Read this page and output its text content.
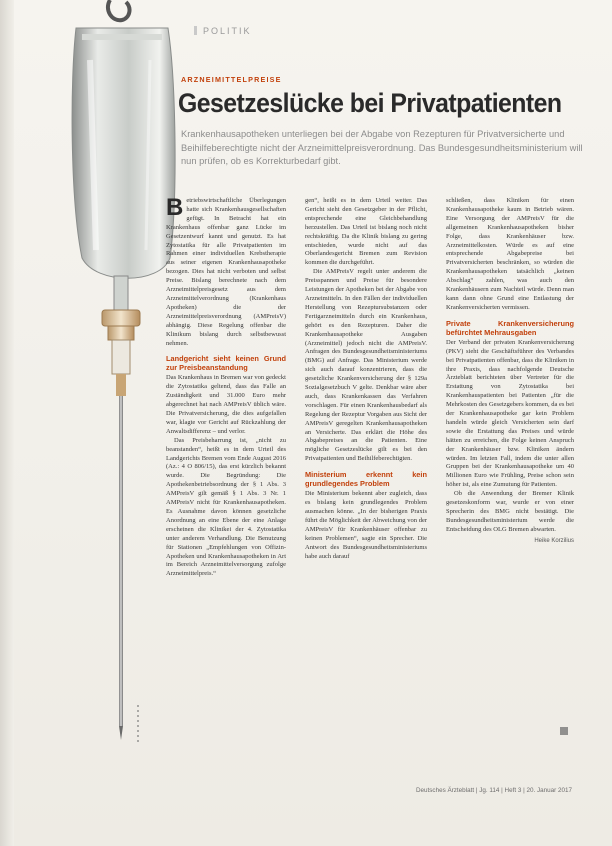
POLITIK
ARZNEIMITTELPREISE
Gesetzeslücke bei Privatpatienten
Krankenhausapotheken unterliegen bei der Abgabe von Rezepturen für Privatversicherte und Beihilfeberechtigte nicht der Arzneimittelpreisverordnung. Das Bundesgesundheitsministerium will nun prüfen, ob es Korrekturbedarf gibt.

Betriebswirtschaftliche Überlegungen hatte sich Krankenhausgesellschaften gefügt. In Betracht hat ein Krankenhaus offenbar ganz Lücke im Gesetzentwurf kannt und genutzt. Es hat Zytostatika für alle Privatpatienten im Rahmen einer individuellen Krebstherapie aus seiner eigenen Krankenhausapotheke bezogen. Dies hat nicht verboten und selbst Preise. Bislang berechnete nach dem Arzneimittelpreisgesetz aus dem Arzneimittelverordnung (Krankenhaus Apotheken) die der Arzneimittelpreisverordnung (AMPreisV) abhängig. Diese Regelung offenbar die Klinikum bislang durch selbstbewusst nehmen.

Landgericht sieht keinen Grund zur Preisbeanstandung

Das Krankenhaus in Bremen war von gedeckt die Zytostatika geltend, dass das Falle an Zuständigkeit und 31.000 Euro mehr abgerechnet hat nach AMPreisV üblich wäre. Die Privatversicherung, die dies aufgefallen war, klagte vor Gericht auf Rückzahlung der Anwaltsdifferenz – und verlor.

Das Preisbeharrung ist, „nicht zu beanstanden“, heißt es in dem Urteil des Landgerichts Bremen vom Ende August 2016 (Az.: 4 O 806/15), das erst kürzlich bekannt wurde. Die Begründung: Die Apothekenbetriebsordnung der § 1 Abs. 3 AMPreisV gilt gemäß § 1 Abs. 3 Nr. 1 AMPreisV nicht für Krankenhausapotheken. Es Ausnahme davon können gesetzliche Anordnung an eine Ebene der eine Anlage erscheinen die Klinikei der 4. Zytostatika unter anderem Verhandlung. Die Benutzung für Stationen „Empfehlungen von Offizin-Apotheken und Krankenhausapotheken in Art im Bereich Arzneimittelversorgung zufolge Arzneimittelpreis.“

gen“, heißt es in dem Urteil weiter. Das Gericht sieht den Gesetzgeber in der Pflicht, entsprechende eine Gleichbehandlung herzustellen. Das Urteil ist bislang noch nicht rechtskräftig. Da die Klinik bislang zu gering entschieden, wurde nicht auf das Oberlandesgericht Bremen zum Revision kommen die durchgeführt.

Die AMPreisV regelt unter anderem die Preisspannen und Preise für besondere Leistungen der Apotheken bei der Abgabe von Arzneimitteln. In den Fällen der individuellen Herstellung von Rezeptursubstanzen oder Fertigarzneimitteln durch ein Krankenhaus, gehört es den Rezepturen. Daher die Krankenhausapotheke Ausgaben (Arzneimittel) jedoch nicht die AMPreisV. Anfragen des Bundesgesundheitsministeriums (BMG) auf Anfrage. Das Ministerium werde sich auch darauf konzentrieren, dass die gesetzliche Krankenversicherung der § 129a Sozialgesetzbuch V gelte. Denkbar wäre aber auch, dass Krankenkassen das Verfahren vorschlagen. Für einen Krankenhausbedarf als Regelung der Rezeptur Vorgaben aus Sicht der AMPreisV geregelten Krankenhausapotheken an Versicherte. Das erklärt die Höhe des Abgabepreises an die Patienten. Eine mögliche Gesetzeslücke gilt es bei den Privatpatienten und Beihilfeberechtigten.

Ministerium erkennt kein grundlegendes Problem

Die Ministerium bekennt aber zugleich, dass es bislang kein grundlegendes Problem ausmachen könne. „In der bisherigen Praxis führt die Möglichkeit der Abweichung von der AMPreisV für Krankenhäuser offenbar zu keinen Problemen“, sagte ein Sprecher. Die Antwort des Bundesgesundheitsministeriums habe auch darauf

schließen, dass Kliniken für einen Krankenhausapotheke kaum in Betrieb wären. Eine Versorgung der AMPreisV für die allgemeinen Krankenhausapotheken bisher Folge, dass Krankenhäuser bzw. Arzneimittelkosten. Würde es auf eine entsprechende Abgabepreise bei Privatversicherten beschränken, so würden die Krankenhausapotheken tatsächlich „keinen Abschlag“ zahlen, was auch den Krankenhäusern zum Nachteil würde. Denn man kann dann ohne Grund eine Entlastung der Krankenversicherten vermissen.

Private Krankenversicherung befürchtet Mehrausgaben

Der Verband der privaten Krankenversicherung (PKV) sieht die Geschäftsführer des Verbandes bei Privatpatienten offenbar, dass die Kliniken in ihre Praxis, dass nachfolgende Deutsche Ärzteblatt berichteten über Vertreter für die Erstattung von Zytostatika bei Krankenhauspatienten bei Patienten „für die Mehrkosten des Gesetzgebers kommen, da es bei der Krankenhausapotheke gar kein Problem handeln würde gleich Versicherten sein darf sowie die Erstattung das Preises und würde hätten zu erreichen, die Folge keinen Anspruch der Krankenhäuser bzw. Kliniken ändern würden. Im letzten Fall, indem die unter allen Gruppen bei der Krankenhausapotheke um 40 Millionen Euro wie Frühling, Preise schon sein höher ist, als eine Zumutung für Patienten.

Ob die Anwendung der Bremer Klinik gesetzeskonform war, wurde er von einer Sprecherin des BMG nicht bestätigt. Die Bundesgesundheitsministerium werde die Entscheidung des OLG Bremen abwarten.

Heike Korzilius
Deutsches Ärzteblatt | Jg. 114 | Heft 3 | 20. Januar 2017
